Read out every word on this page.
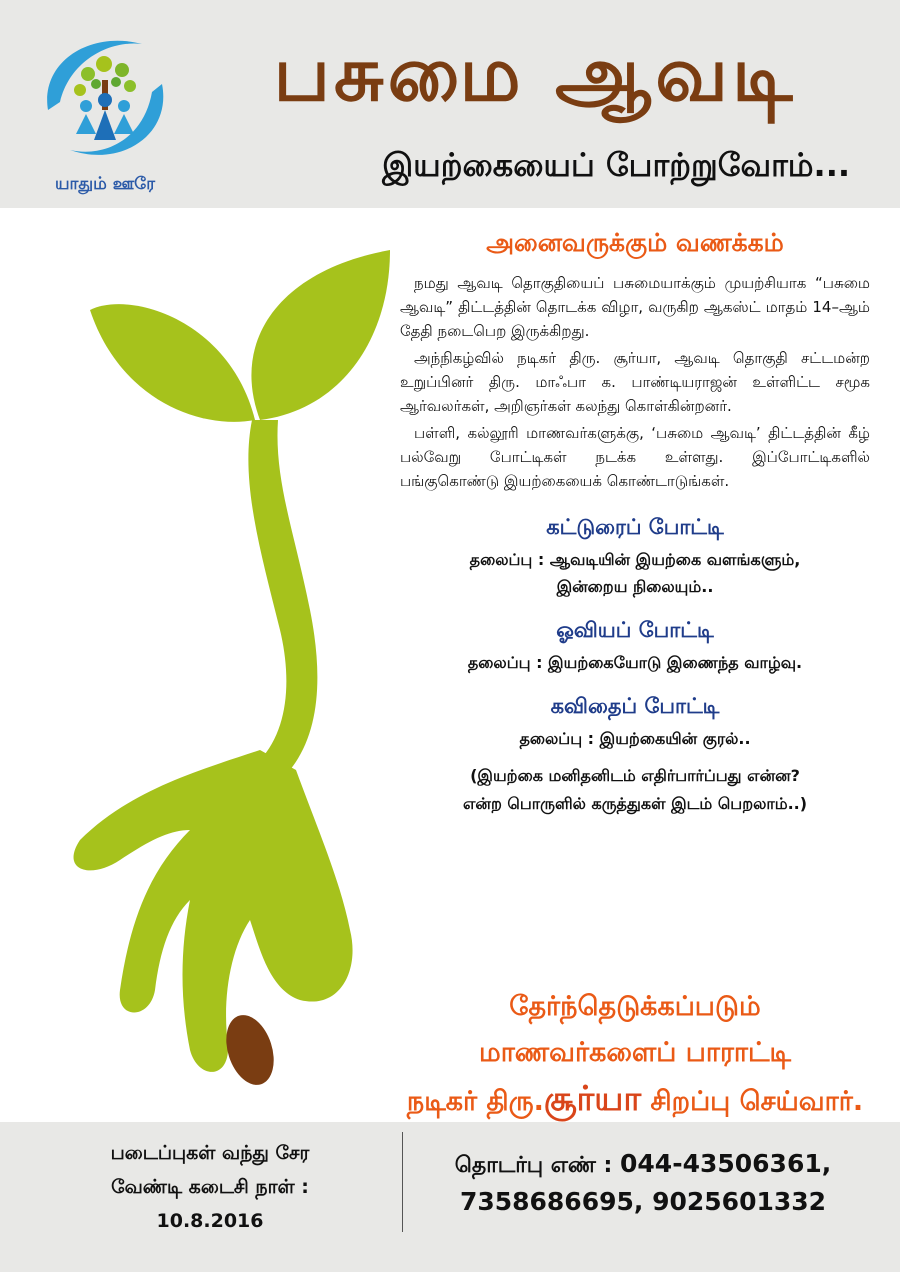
யாதும் ஊரே
பசுமை ஆவடி
இயற்கையைப் போற்றுவோம்...
அனைவருக்கும் வணக்கம்

நமது ஆவடி தொகுதியைப் பசுமையாக்கும் முயற்சியாக “பசுமை ஆவடி” திட்டத்தின் தொடக்க விழா, வருகிற ஆகஸ்ட் மாதம் 14–ஆம் தேதி நடைபெற இருக்கிறது.

அந்நிகழ்வில் நடிகர் திரு. சூர்யா, ஆவடி தொகுதி சட்டமன்ற உறுப்பினர் திரு. மாஃபா க. பாண்டியராஜன் உள்ளிட்ட சமூக ஆர்வலர்கள், அறிஞர்கள் கலந்து கொள்கின்றனர்.

பள்ளி, கல்லூரி மாணவர்களுக்கு, ‘பசுமை ஆவடி’ திட்டத்தின் கீழ் பல்வேறு போட்டிகள் நடக்க உள்ளது. இப்போட்டிகளில் பங்குகொண்டு இயற்கையைக் கொண்டாடுங்கள்.

கட்டுரைப் போட்டி
தலைப்பு : ஆவடியின் இயற்கை வளங்களும்,
இன்றைய நிலையும்..
ஓவியப் போட்டி
தலைப்பு : இயற்கையோடு இணைந்த வாழ்வு.
கவிதைப் போட்டி
தலைப்பு : இயற்கையின் குரல்..
(இயற்கை மனிதனிடம் எதிர்பார்ப்பது என்ன?
என்ற பொருளில் கருத்துகள் இடம் பெறலாம்..)
தேர்ந்தெடுக்கப்படும்
மாணவர்களைப் பாராட்டி
நடிகர் திரு.சூர்யா சிறப்பு செய்வார்.
படைப்புகள் வந்து சேர
வேண்டி கடைசி நாள் :
10.8.2016
தொடர்பு எண் : 044-43506361,
7358686695, 9025601332
